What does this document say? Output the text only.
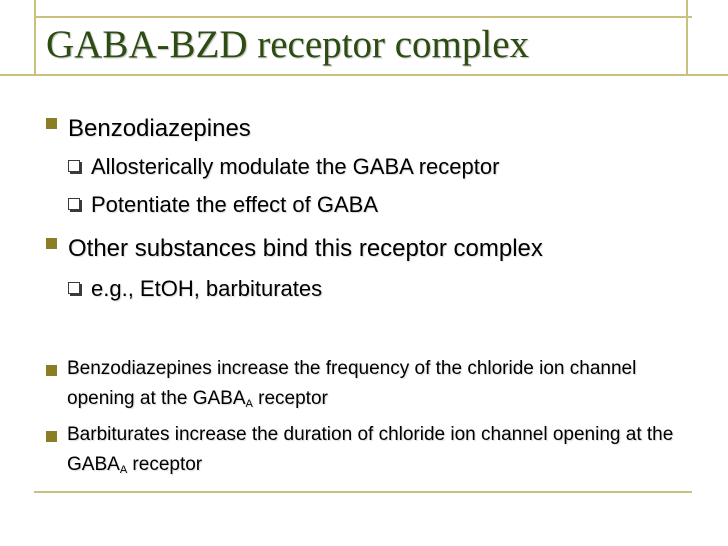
GABA-BZD receptor complex
Benzodiazepines
Allosterically modulate the GABA receptor
Potentiate the effect of GABA
Other substances bind this receptor complex
e.g., EtOH, barbiturates
Benzodiazepines increase the frequency of the chloride ion channel opening at the $GABA_A$ receptor
Barbiturates increase the duration of chloride ion channel opening at the $GABA_A$ receptor
